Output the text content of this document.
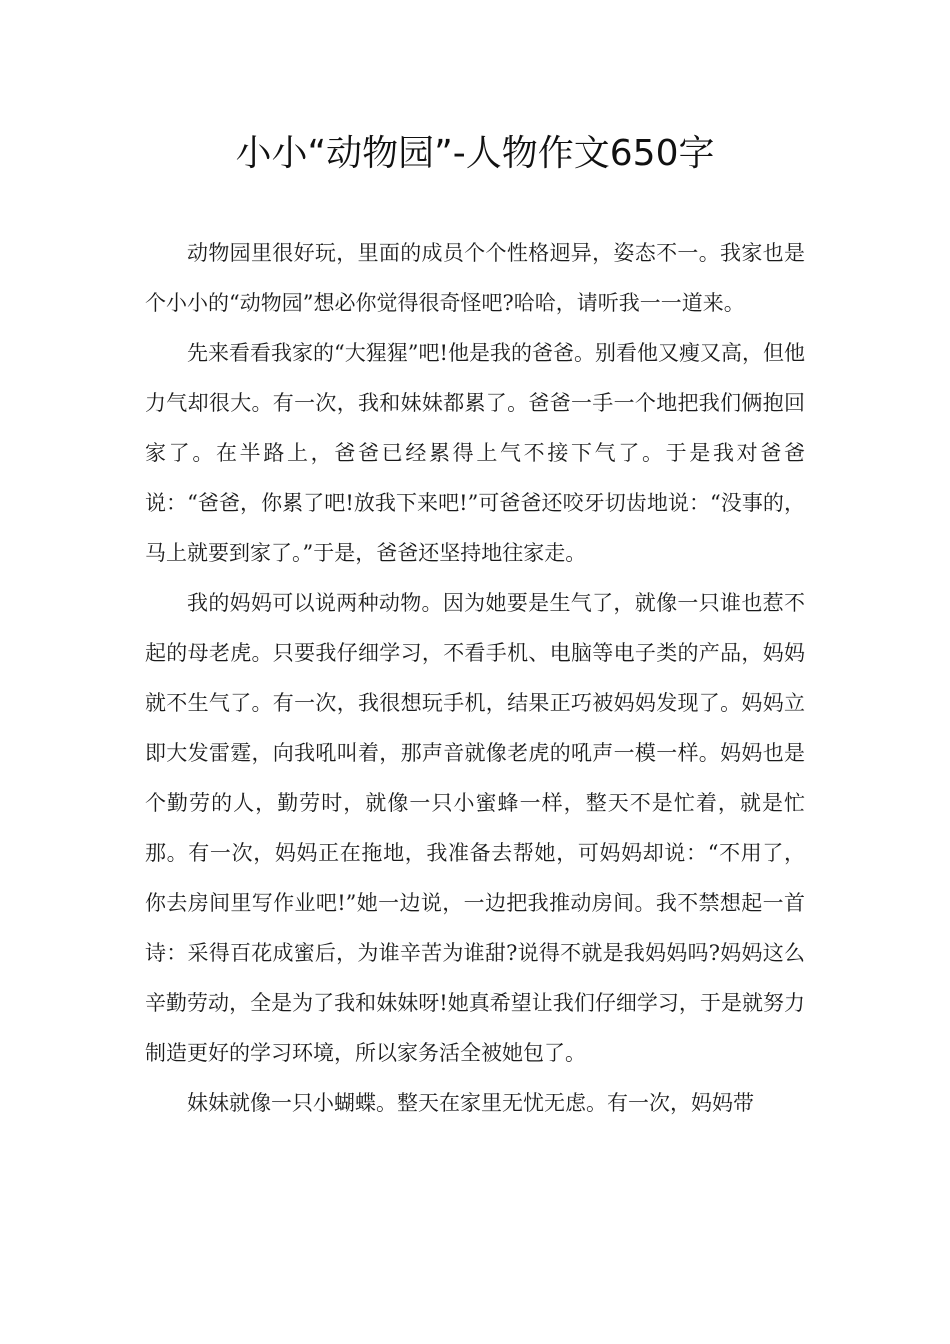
小小“动物园”-人物作文650字

动物园里很好玩，里面的成员个个性格迥异，姿态不一。我家也是个小小的“动物园”想必你觉得很奇怪吧?哈哈，请听我一一道来。

先来看看我家的“大猩猩”吧!他是我的爸爸。别看他又瘦又高，但他力气却很大。有一次，我和妹妹都累了。爸爸一手一个地把我们俩抱回家了。在半路上，爸爸已经累得上气不接下气了。于是我对爸爸说：“爸爸，你累了吧!放我下来吧!”可爸爸还咬牙切齿地说：“没事的，马上就要到家了。”于是，爸爸还坚持地往家走。

我的妈妈可以说两种动物。因为她要是生气了，就像一只谁也惹不起的母老虎。只要我仔细学习，不看手机、电脑等电子类的产品，妈妈就不生气了。有一次，我很想玩手机，结果正巧被妈妈发现了。妈妈立即大发雷霆，向我吼叫着，那声音就像老虎的吼声一模一样。妈妈也是个勤劳的人，勤劳时，就像一只小蜜蜂一样，整天不是忙着，就是忙那。有一次，妈妈正在拖地，我准备去帮她，可妈妈却说：“不用了，你去房间里写作业吧!”她一边说，一边把我推动房间。我不禁想起一首诗：采得百花成蜜后，为谁辛苦为谁甜?说得不就是我妈妈吗?妈妈这么辛勤劳动，全是为了我和妹妹呀!她真希望让我们仔细学习，于是就努力制造更好的学习环境，所以家务活全被她包了。

妹妹就像一只小蝴蝶。整天在家里无忧无虑。有一次，妈妈带
